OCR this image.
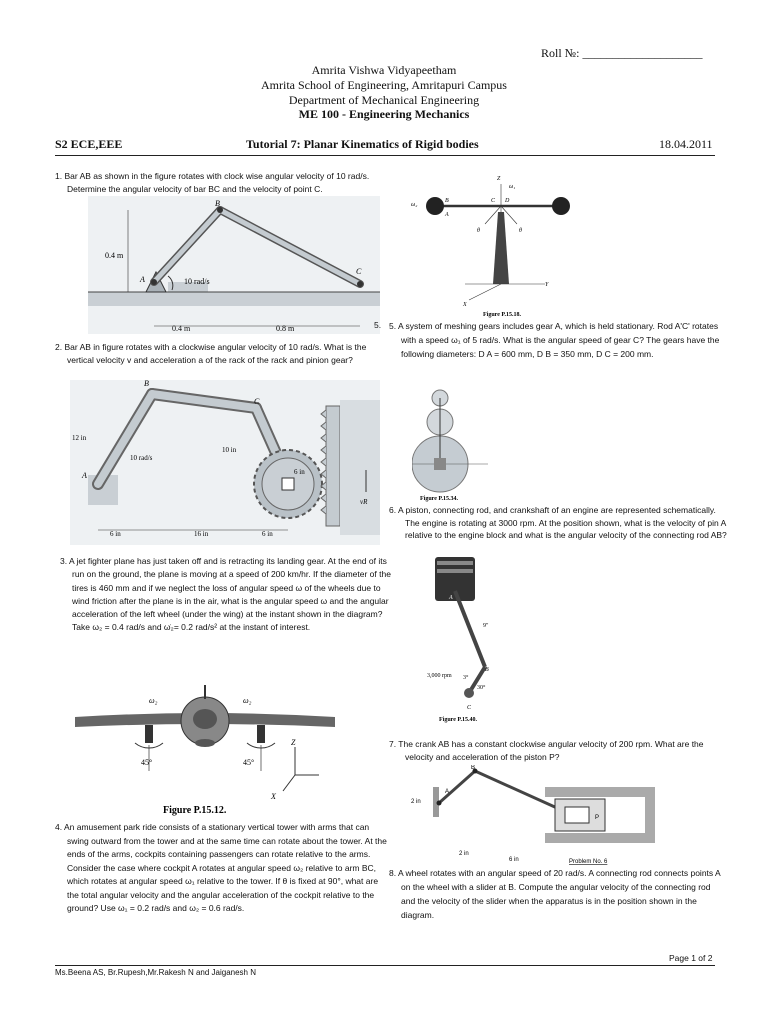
Roll №: ____________________
Amrita Vishwa Vidyapeetham
Amrita School of Engineering, Amritapuri Campus
Department of Mechanical Engineering
ME 100 - Engineering Mechanics
S2 ECE,EEE	Tutorial 7: Planar Kinematics of Rigid bodies	18.04.2011
1. Bar AB as shown in the figure rotates with clock wise angular velocity of 10 rad/s. Determine the angular velocity of bar BC and the velocity of point C.
B
A
C
0.4 m
10 rad/s
0.4 m	0.8 m
2. Bar AB in figure rotates with a clockwise angular velocity of 10 rad/s. What is the vertical velocity v and acceleration a of the rack of the rack and pinion gear?
B
C
A
12 in
10 in
10 rad/s
6 in
6 in	16 in	6 in
vR
3. A jet fighter plane has just taken off and is retracting its landing gear. At the end of its run on the ground, the plane is moving at a speed of 200 km/hr. If the diameter of the tires is 460 mm and if we neglect the loss of angular speed ω of the wheels due to wind friction after the plane is in the air, what is the angular speed ω and the angular acceleration of the left wheel (under the wing) at the instant shown in the diagram? Take ω₂ = 0.4 rad/s and ω̇₂= 0.2 rad/s² at the instant of interest.
ω₂	ω₂
45°	45°
Z
X
Figure P.15.12.
4. An amusement park ride consists of a stationary vertical tower with arms that can swing outward from the tower and at the same time can rotate about the tower. At the ends of the arms, cockpits containing passengers can rotate relative to the arms. Consider the case where cockpit A rotates at angular speed ω₂ relative to arm BC, which rotates at angular speed ω₁ relative to the tower. If θ is fixed at 90°, what are the total angular velocity and the angular acceleration of the cockpit relative to the ground? Use ω₁ = 0.2 rad/s and ω₂ = 0.6 rad/s.
Z
ω₁
ω₂
B	C D
A
θ	θ
X
Y
Figure P.15.18.
5. 5. A system of meshing gears includes gear A, which is held stationary. Rod A'C' rotates with a speed ω₁ of 5 rad/s. What is the angular speed of gear C? The gears have the following diameters: D A = 600 mm, D B = 350 mm, D C = 200 mm.
Figure P.15.34.
6. A piston, connecting rod, and crankshaft of an engine are represented schematically. The engine is rotating at 3000 rpm. At the position shown, what is the velocity of pin A relative to the engine block and what is the angular velocity of the connecting rod AB?
A
9"
B
3,000 rpm 3°
30°
C
Figure P.15.40.
7. The crank AB has a constant clockwise angular velocity of 200 rpm. What are the velocity and acceleration of the piston P?
B
A
P
2 in
2 in
6 in	Problem No. 6
8. A wheel rotates with an angular speed of 20 rad/s. A connecting rod connects points A on the wheel with a slider at B. Compute the angular velocity of the connecting rod and the velocity of the slider when the apparatus is in the position shown in the diagram.
Page 1 of 2
Ms.Beena AS, Br.Rupesh,Mr.Rakesh N and Jaiganesh N
